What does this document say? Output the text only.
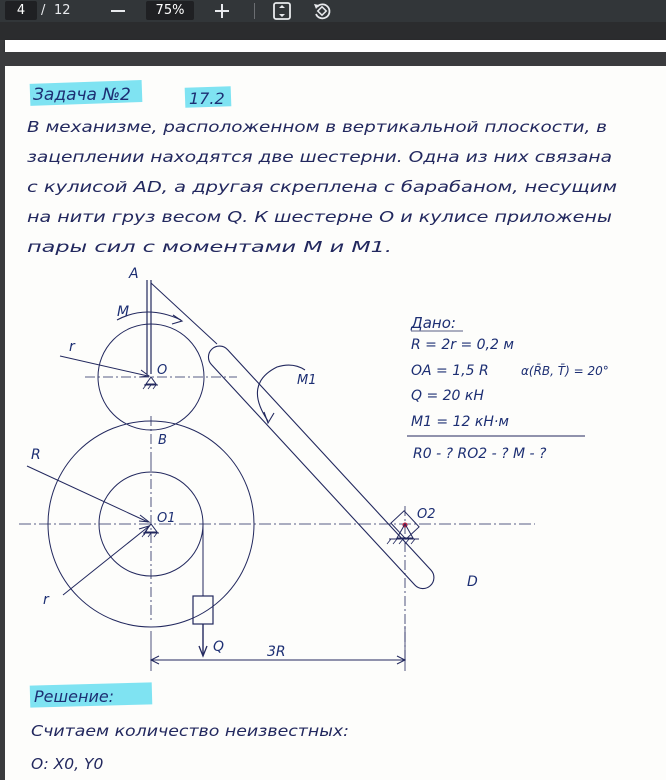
4	/ 12	75%
Задача №2	17.2
В механизме, расположенном в вертикальной плоскости, в
зацеплении находятся две шестерни. Одна из них связана
с кулисой AD, а другая скреплена с барабаном, несущим
на нити груз весом Q. К шестерне О и кулисе приложены
пары сил с моментами M и M1.
A
M
r
O
B
M1
R
O1	O2
r
D
Q	3R
Дано:
R = 2r = 0,2 м
OA = 1,5 R	α(R̄B, T̄) = 20°
Q = 20 кН
M1 = 12 кН·м
R0 - ? RO2 - ? M - ?
Решение:
Считаем количество неизвестных:
O: X0, Y0
